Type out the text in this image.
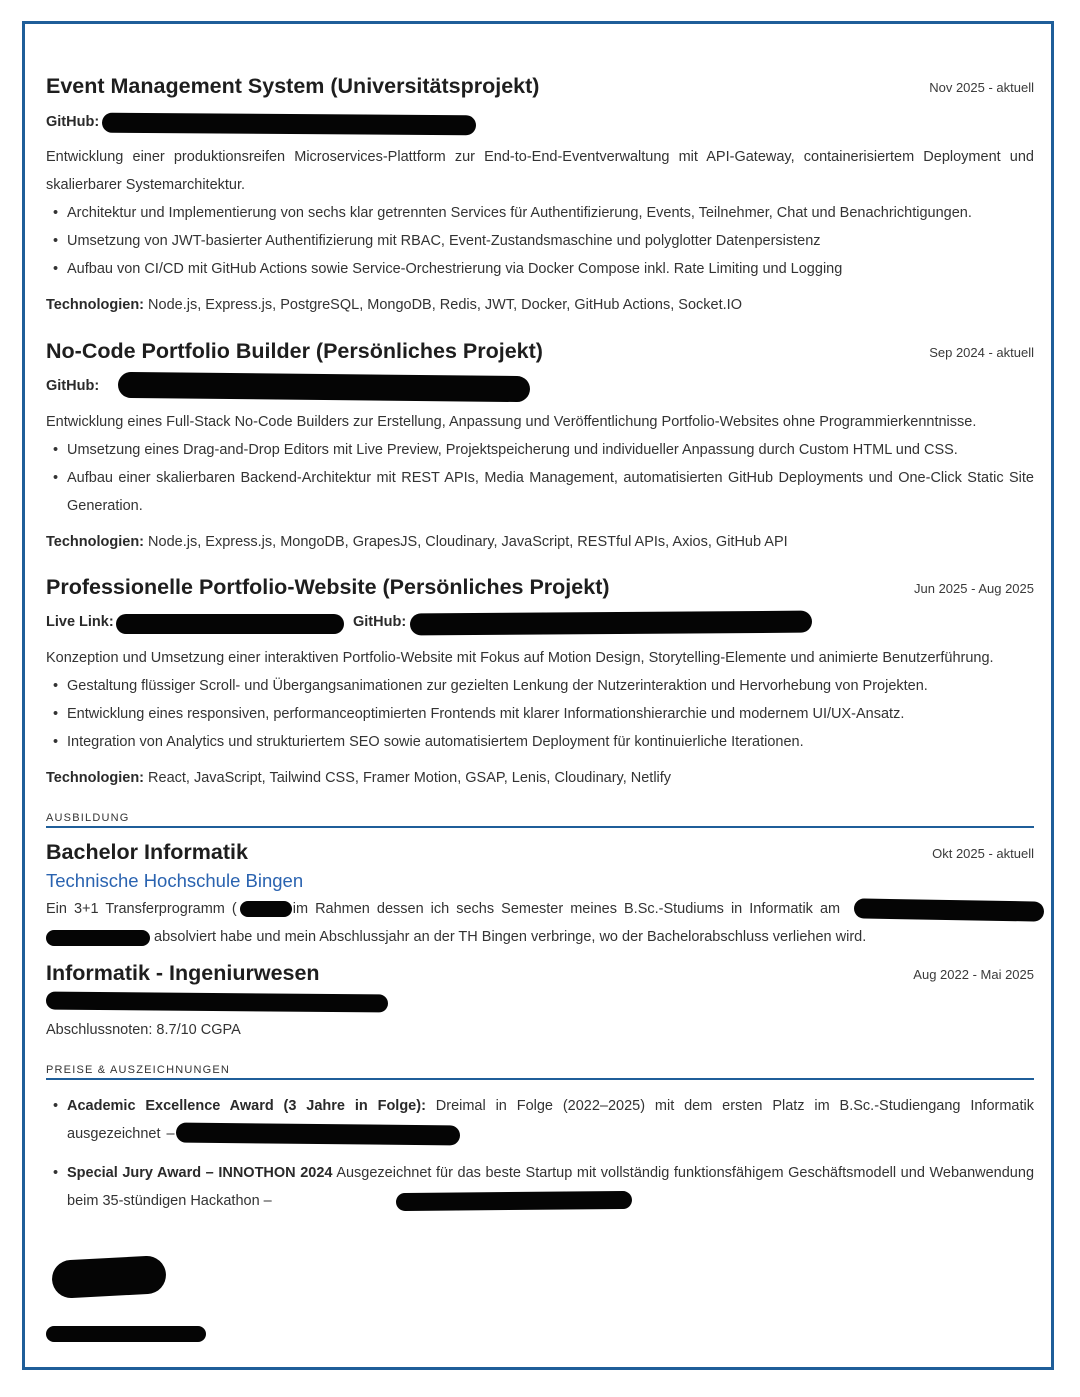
Event Management System (Universitätsprojekt)	Nov 2025 - aktuell
GitHub:
Entwicklung einer produktionsreifen Microservices-Plattform zur End-to-End-Eventverwaltung mit API-Gateway, containerisiertem Deployment und skalierbarer Systemarchitektur.
• Architektur und Implementierung von sechs klar getrennten Services für Authentifizierung, Events, Teilnehmer, Chat und Benachrichtigungen.
• Umsetzung von JWT-basierter Authentifizierung mit RBAC, Event-Zustandsmaschine und polyglotter Datenpersistenz
• Aufbau von CI/CD mit GitHub Actions sowie Service-Orchestrierung via Docker Compose inkl. Rate Limiting und Logging
Technologien: Node.js, Express.js, PostgreSQL, MongoDB, Redis, JWT, Docker, GitHub Actions, Socket.IO
No-Code Portfolio Builder (Persönliches Projekt)	Sep 2024 - aktuell
GitHub:
Entwicklung eines Full-Stack No-Code Builders zur Erstellung, Anpassung und Veröffentlichung Portfolio-Websites ohne Programmierkenntnisse.
• Umsetzung eines Drag-and-Drop Editors mit Live Preview, Projektspeicherung und individueller Anpassung durch Custom HTML und CSS.
• Aufbau einer skalierbaren Backend-Architektur mit REST APIs, Media Management, automatisierten GitHub Deployments und One-Click Static Site Generation.
Technologien: Node.js, Express.js, MongoDB, GrapesJS, Cloudinary, JavaScript, RESTful APIs, Axios, GitHub API
Professionelle Portfolio-Website (Persönliches Projekt)	Jun 2025 - Aug 2025
Live Link:	GitHub:
Konzeption und Umsetzung einer interaktiven Portfolio-Website mit Fokus auf Motion Design, Storytelling-Elemente und animierte Benutzerführung.
• Gestaltung flüssiger Scroll- und Übergangsanimationen zur gezielten Lenkung der Nutzerinteraktion und Hervorhebung von Projekten.
• Entwicklung eines responsiven, performanceoptimierten Frontends mit klarer Informationshierarchie und modernem UI/UX-Ansatz.
• Integration von Analytics und strukturiertem SEO sowie automatisiertem Deployment für kontinuierliche Iterationen.
Technologien: React, JavaScript, Tailwind CSS, Framer Motion, GSAP, Lenis, Cloudinary, Netlify
AUSBILDUNG
Bachelor Informatik	Okt 2025 - aktuell
Technische Hochschule Bingen
Ein 3+1 Transferprogramm (	im Rahmen dessen ich sechs Semester meines B.Sc.-Studiums in Informatik am
absolviert habe und mein Abschlussjahr an der TH Bingen verbringe, wo der Bachelorabschluss verliehen wird.
Informatik - Ingeniurwesen	Aug 2022 - Mai 2025
Abschlussnoten: 8.7/10 CGPA
PREISE & AUSZEICHNUNGEN
• Academic Excellence Award (3 Jahre in Folge): Dreimal in Folge (2022–2025) mit dem ersten Platz im B.Sc.-Studiengang Informatik ausgezeichnet –
• Special Jury Award – INNOTHON 2024 Ausgezeichnet für das beste Startup mit vollständig funktionsfähigem Geschäftsmodell und Webanwendung beim 35-stündigen Hackathon –
